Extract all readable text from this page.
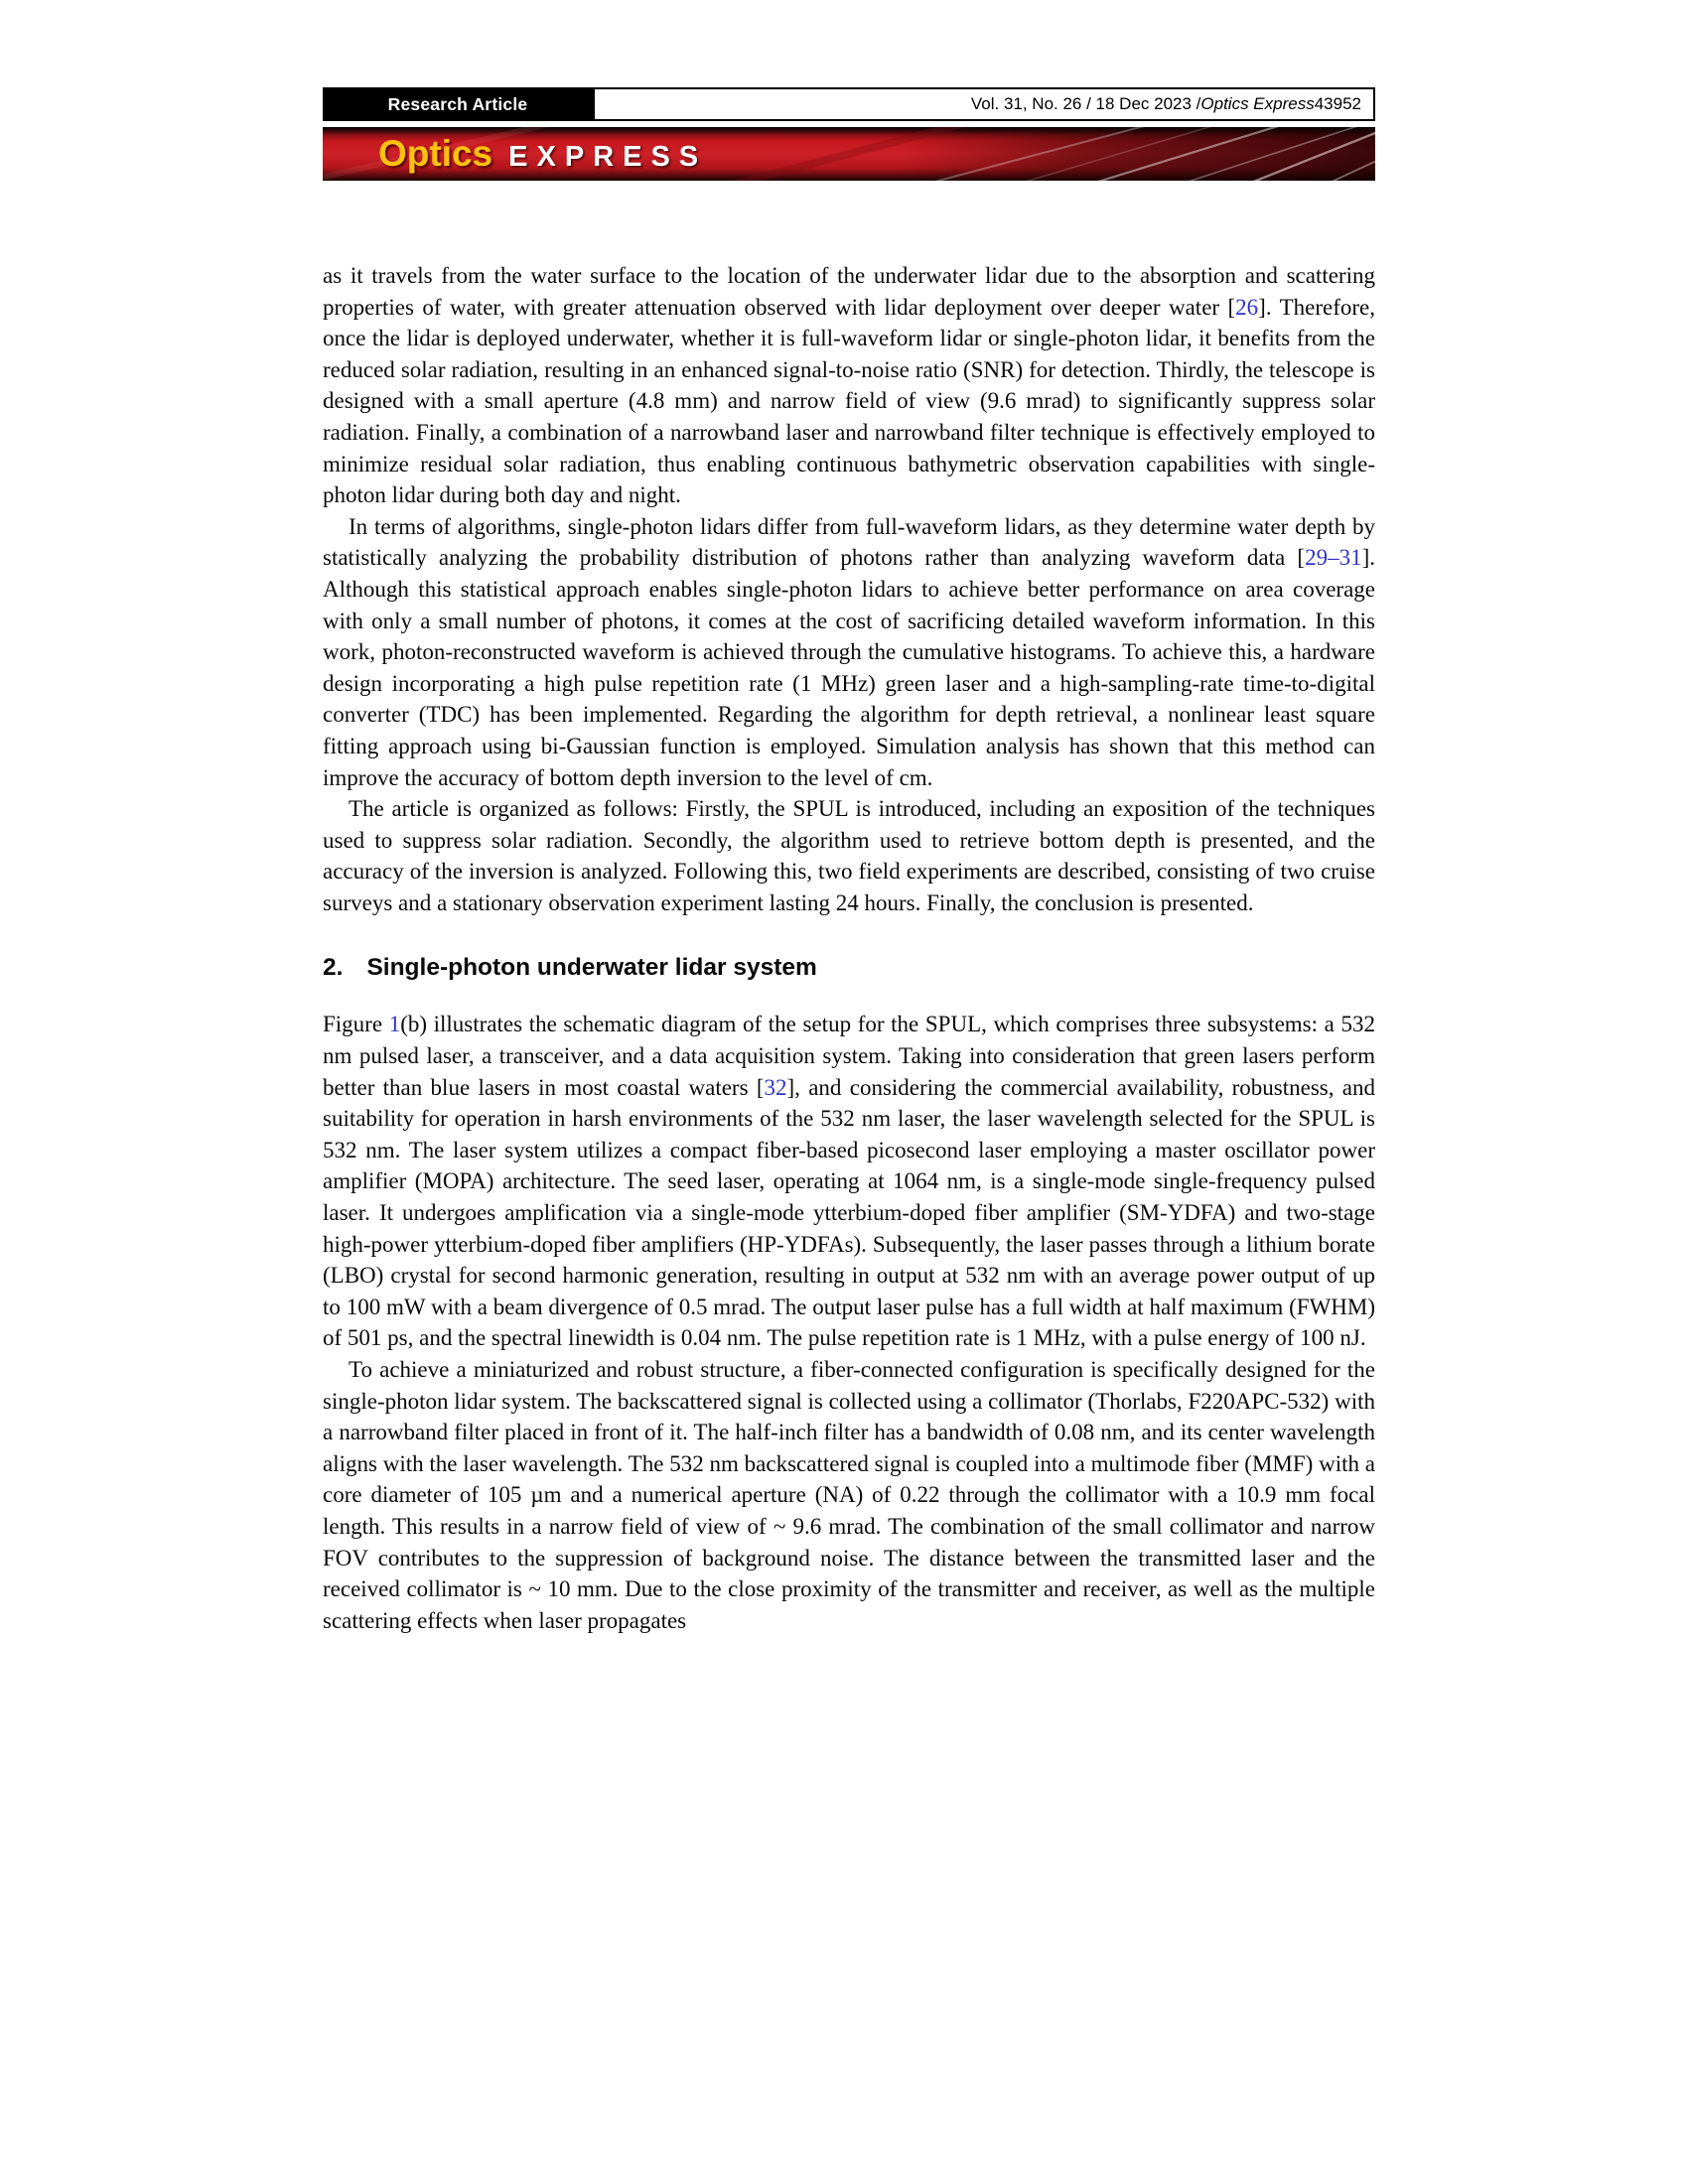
Research Article	Vol. 31, No. 26 / 18 Dec 2023 / Optics Express 43952
Optics EXPRESS

as it travels from the water surface to the location of the underwater lidar due to the absorption and scattering properties of water, with greater attenuation observed with lidar deployment over deeper water [26]. Therefore, once the lidar is deployed underwater, whether it is full-waveform lidar or single-photon lidar, it benefits from the reduced solar radiation, resulting in an enhanced signal-to-noise ratio (SNR) for detection. Thirdly, the telescope is designed with a small aperture (4.8 mm) and narrow field of view (9.6 mrad) to significantly suppress solar radiation. Finally, a combination of a narrowband laser and narrowband filter technique is effectively employed to minimize residual solar radiation, thus enabling continuous bathymetric observation capabilities with single-photon lidar during both day and night.

In terms of algorithms, single-photon lidars differ from full-waveform lidars, as they determine water depth by statistically analyzing the probability distribution of photons rather than analyzing waveform data [29–31]. Although this statistical approach enables single-photon lidars to achieve better performance on area coverage with only a small number of photons, it comes at the cost of sacrificing detailed waveform information. In this work, photon-reconstructed waveform is achieved through the cumulative histograms. To achieve this, a hardware design incorporating a high pulse repetition rate (1 MHz) green laser and a high-sampling-rate time-to-digital converter (TDC) has been implemented. Regarding the algorithm for depth retrieval, a nonlinear least square fitting approach using bi-Gaussian function is employed. Simulation analysis has shown that this method can improve the accuracy of bottom depth inversion to the level of cm.

The article is organized as follows: Firstly, the SPUL is introduced, including an exposition of the techniques used to suppress solar radiation. Secondly, the algorithm used to retrieve bottom depth is presented, and the accuracy of the inversion is analyzed. Following this, two field experiments are described, consisting of two cruise surveys and a stationary observation experiment lasting 24 hours. Finally, the conclusion is presented.

2. Single-photon underwater lidar system

Figure 1(b) illustrates the schematic diagram of the setup for the SPUL, which comprises three subsystems: a 532 nm pulsed laser, a transceiver, and a data acquisition system. Taking into consideration that green lasers perform better than blue lasers in most coastal waters [32], and considering the commercial availability, robustness, and suitability for operation in harsh environments of the 532 nm laser, the laser wavelength selected for the SPUL is 532 nm. The laser system utilizes a compact fiber-based picosecond laser employing a master oscillator power amplifier (MOPA) architecture. The seed laser, operating at 1064 nm, is a single-mode single-frequency pulsed laser. It undergoes amplification via a single-mode ytterbium-doped fiber amplifier (SM-YDFA) and two-stage high-power ytterbium-doped fiber amplifiers (HP-YDFAs). Subsequently, the laser passes through a lithium borate (LBO) crystal for second harmonic generation, resulting in output at 532 nm with an average power output of up to 100 mW with a beam divergence of 0.5 mrad. The output laser pulse has a full width at half maximum (FWHM) of 501 ps, and the spectral linewidth is 0.04 nm. The pulse repetition rate is 1 MHz, with a pulse energy of 100 nJ.

To achieve a miniaturized and robust structure, a fiber-connected configuration is specifically designed for the single-photon lidar system. The backscattered signal is collected using a collimator (Thorlabs, F220APC-532) with a narrowband filter placed in front of it. The half-inch filter has a bandwidth of 0.08 nm, and its center wavelength aligns with the laser wavelength. The 532 nm backscattered signal is coupled into a multimode fiber (MMF) with a core diameter of 105 µm and a numerical aperture (NA) of 0.22 through the collimator with a 10.9 mm focal length. This results in a narrow field of view of ~ 9.6 mrad. The combination of the small collimator and narrow FOV contributes to the suppression of background noise. The distance between the transmitted laser and the received collimator is ~ 10 mm. Due to the close proximity of the transmitter and receiver, as well as the multiple scattering effects when laser propagates
